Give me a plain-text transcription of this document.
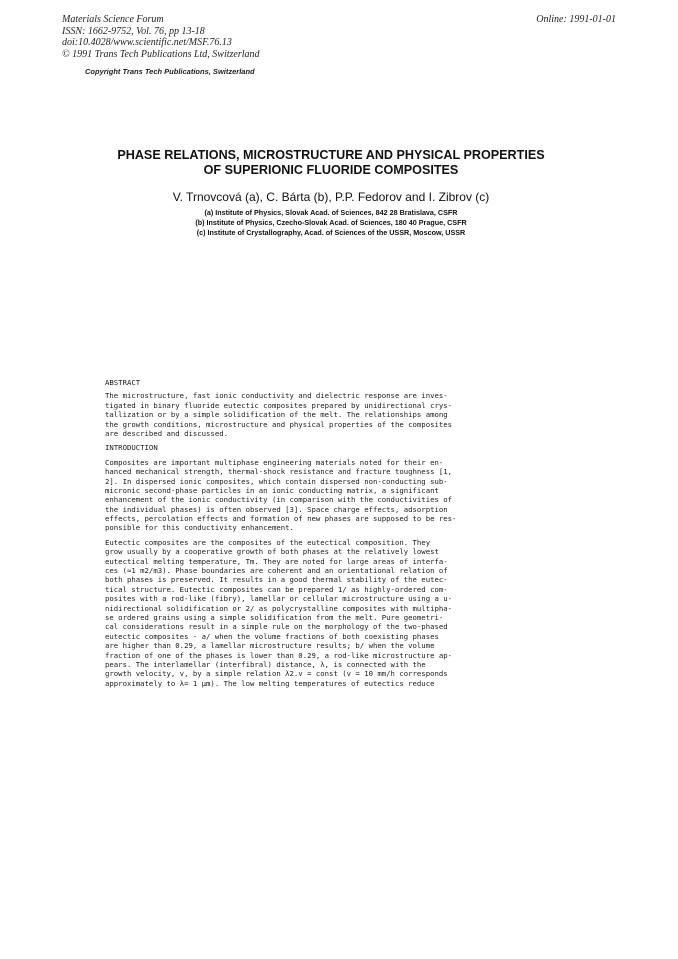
Materials Science Forum
ISSN: 1662-9752, Vol. 76, pp 13-18
doi:10.4028/www.scientific.net/MSF.76.13
© 1991 Trans Tech Publications Ltd, Switzerland
Online: 1991-01-01
Copyright Trans Tech Publications, Switzerland
PHASE RELATIONS, MICROSTRUCTURE AND PHYSICAL PROPERTIES
OF SUPERIONIC FLUORIDE COMPOSITES
V. Trnovcová (a), C. Bárta (b), P.P. Fedorov and I. Zibrov (c)
(a) Institute of Physics, Slovak Acad. of Sciences, 842 28 Bratislava, CSFR
(b) Institute of Physics, Czecho-Slovak Acad. of Sciences, 180 40 Prague, CSFR
(c) Institute of Crystallography, Acad. of Sciences of the USSR, Moscow, USSR
ABSTRACT
The microstructure, fast ionic conductivity and dielectric response are inves-
tigated in binary fluoride eutectic composites prepared by unidirectional crys-
tallization or by a simple solidification of the melt. The relationships among
the growth conditions, microstructure and physical properties of the composites
are described and discussed.
INTRODUCTION
Composites are important multiphase engineering materials noted for their en-
hanced mechanical strength, thermal-shock resistance and fracture toughness [1,
2]. In dispersed ionic composites, which contain dispersed non-conducting sub-
micronic second-phase particles in an ionic conducting matrix, a significant
enhancement of the ionic conductivity (in comparison with the conductivities of
the individual phases) is often observed [3]. Space charge effects, adsorption
effects, percolation effects and formation of new phases are supposed to be res-
ponsible for this conductivity enhancement.
Eutectic composites are the composites of the eutectical composition. They
grow usually by a cooperative growth of both phases at the relatively lowest
eutectical melting temperature, Tm. They are noted for large areas of interfa-
ces (≈1 m2/m3). Phase boundaries are coherent and an orientational relation of
both phases is preserved. It results in a good thermal stability of the eutec-
tical structure. Eutectic composites can be prepared 1/ as highly-ordered com-
posites with a rod-like (fibry), lamellar or cellular microstructure using a u-
nidirectional solidification or 2/ as polycrystalline composites with multipha-
se ordered grains using a simple solidification from the melt. Pure geometri-
cal considerations result in a simple rule on the morphology of the two-phased
eutectic composites - a/ when the volume fractions of both coexisting phases
are higher than 0.29, a lamellar microstructure results; b/ when the volume
fraction of one of the phases is lower than 0.29, a rod-like microstructure ap-
pears. The interlamellar (interfibral) distance, λ, is connected with the
growth velocity, v, by a simple relation λ2.v = const (v = 10 mm/h corresponds
approximately to λ= 1 μm). The low melting temperatures of eutectics reduce
